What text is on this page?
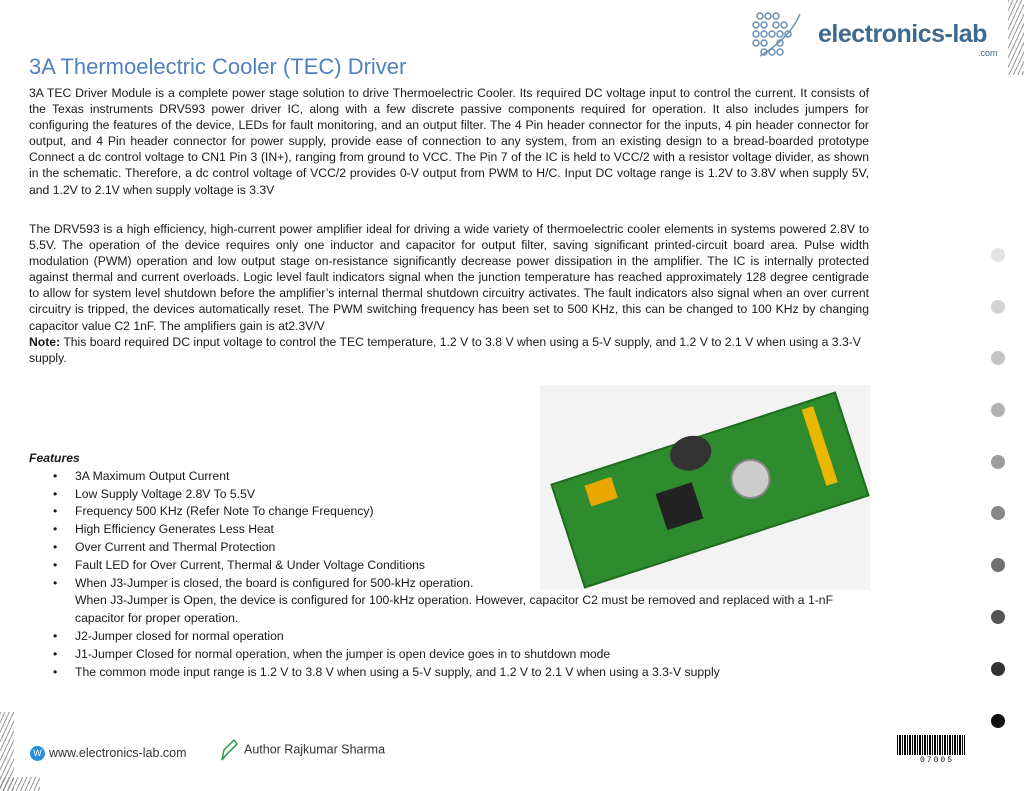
electronics-lab
.com
3A Thermoelectric Cooler (TEC) Driver

3A TEC Driver Module is a complete power stage solution to drive Thermoelectric Cooler. Its required DC voltage input to control the current. It consists of the Texas instruments DRV593 power driver IC, along with a few discrete passive components required for operation. It also includes jumpers for configuring the features of the device, LEDs for fault monitoring, and an output filter. The 4 Pin header connector for the inputs, 4 pin header connector for output, and 4 Pin header connector for power supply, provide ease of connection to any system, from an existing design to a bread-boarded prototype Connect a dc control voltage to CN1 Pin 3 (IN+), ranging from ground to VCC. The Pin 7 of the IC is held to VCC/2 with a resistor voltage divider, as shown in the schematic. Therefore, a dc control voltage of VCC/2 provides 0-V output from PWM to H/C. Input DC voltage range is 1.2V to 3.8V when supply 5V, and 1.2V to 2.1V when supply voltage is 3.3V

The DRV593 is a high efficiency, high-current power amplifier ideal for driving a wide variety of thermoelectric cooler elements in systems powered 2.8V to 5.5V. The operation of the device requires only one inductor and capacitor for output filter, saving significant printed-circuit board area. Pulse width modulation (PWM) operation and low output stage on-resistance significantly decrease power dissipation in the amplifier. The IC is internally protected against thermal and current overloads. Logic level fault indicators signal when the junction temperature has reached approximately 128 degree centigrade to allow for system level shutdown before the amplifier’s internal thermal shutdown circuitry activates. The fault indicators also signal when an over current circuitry is tripped, the devices automatically reset. The PWM switching frequency has been set to 500 KHz, this can be changed to 100 KHz by changing capacitor value C2 1nF. The amplifiers gain is at2.3V/V

Note: This board required DC input voltage to control the TEC temperature, 1.2 V to 3.8 V when using a 5-V supply, and 1.2 V to 2.1 V when using a 3.3-V supply.

Features
• 3A Maximum Output Current
• Low Supply Voltage 2.8V To 5.5V
• Frequency 500 KHz (Refer Note To change Frequency)
• High Efficiency Generates Less Heat
• Over Current and Thermal Protection
• Fault LED for Over Current, Thermal & Under Voltage Conditions
• When J3-Jumper is closed, the board is configured for 500-kHz operation.
When J3-Jumper is Open, the device is configured for 100-kHz operation. However, capacitor C2 must be removed and replaced with a 1-nF capacitor for proper operation.
• J2-Jumper closed for normal operation
• J1-Jumper Closed for normal operation, when the jumper is open device goes in to shutdown mode
• The common mode input range is 1.2 V to 3.8 V when using a 5-V supply, and 1.2 V to 2.1 V when using a 3.3-V supply
W www.electronics-lab.com	Author Rajkumar Sharma
07005
